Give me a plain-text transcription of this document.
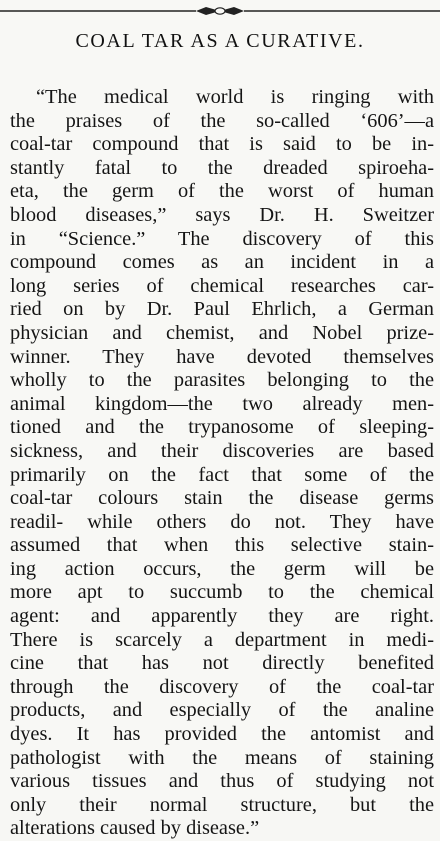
COAL TAR AS A CURATIVE.
“The medical world is ringing with
the praises of the so-called ‘606’—a
coal-tar compound that is said to be in-
stantly fatal to the dreaded spiroeha-
eta, the germ of the worst of human
blood diseases,” says Dr. H. Sweitzer
in “Science.” The discovery of this
compound comes as an incident in a
long series of chemical researches car-
ried on by Dr. Paul Ehrlich, a German
physician and chemist, and Nobel prize-
winner. They have devoted themselves
wholly to the parasites belonging to the
animal kingdom—the two already men-
tioned and the trypanosome of sleeping-
sickness, and their discoveries are based
primarily on the fact that some of the
coal-tar colours stain the disease germs
readil- while others do not. They have
assumed that when this selective stain-
ing action occurs, the germ will be
more apt to succumb to the chemical
agent: and apparently they are right.
There is scarcely a department in medi-
cine that has not directly benefited
through the discovery of the coal-tar
products, and especially of the analine
dyes. It has provided the antomist and
pathologist with the means of staining
various tissues and thus of studying not
only their normal structure, but the
alterations caused by disease.”
